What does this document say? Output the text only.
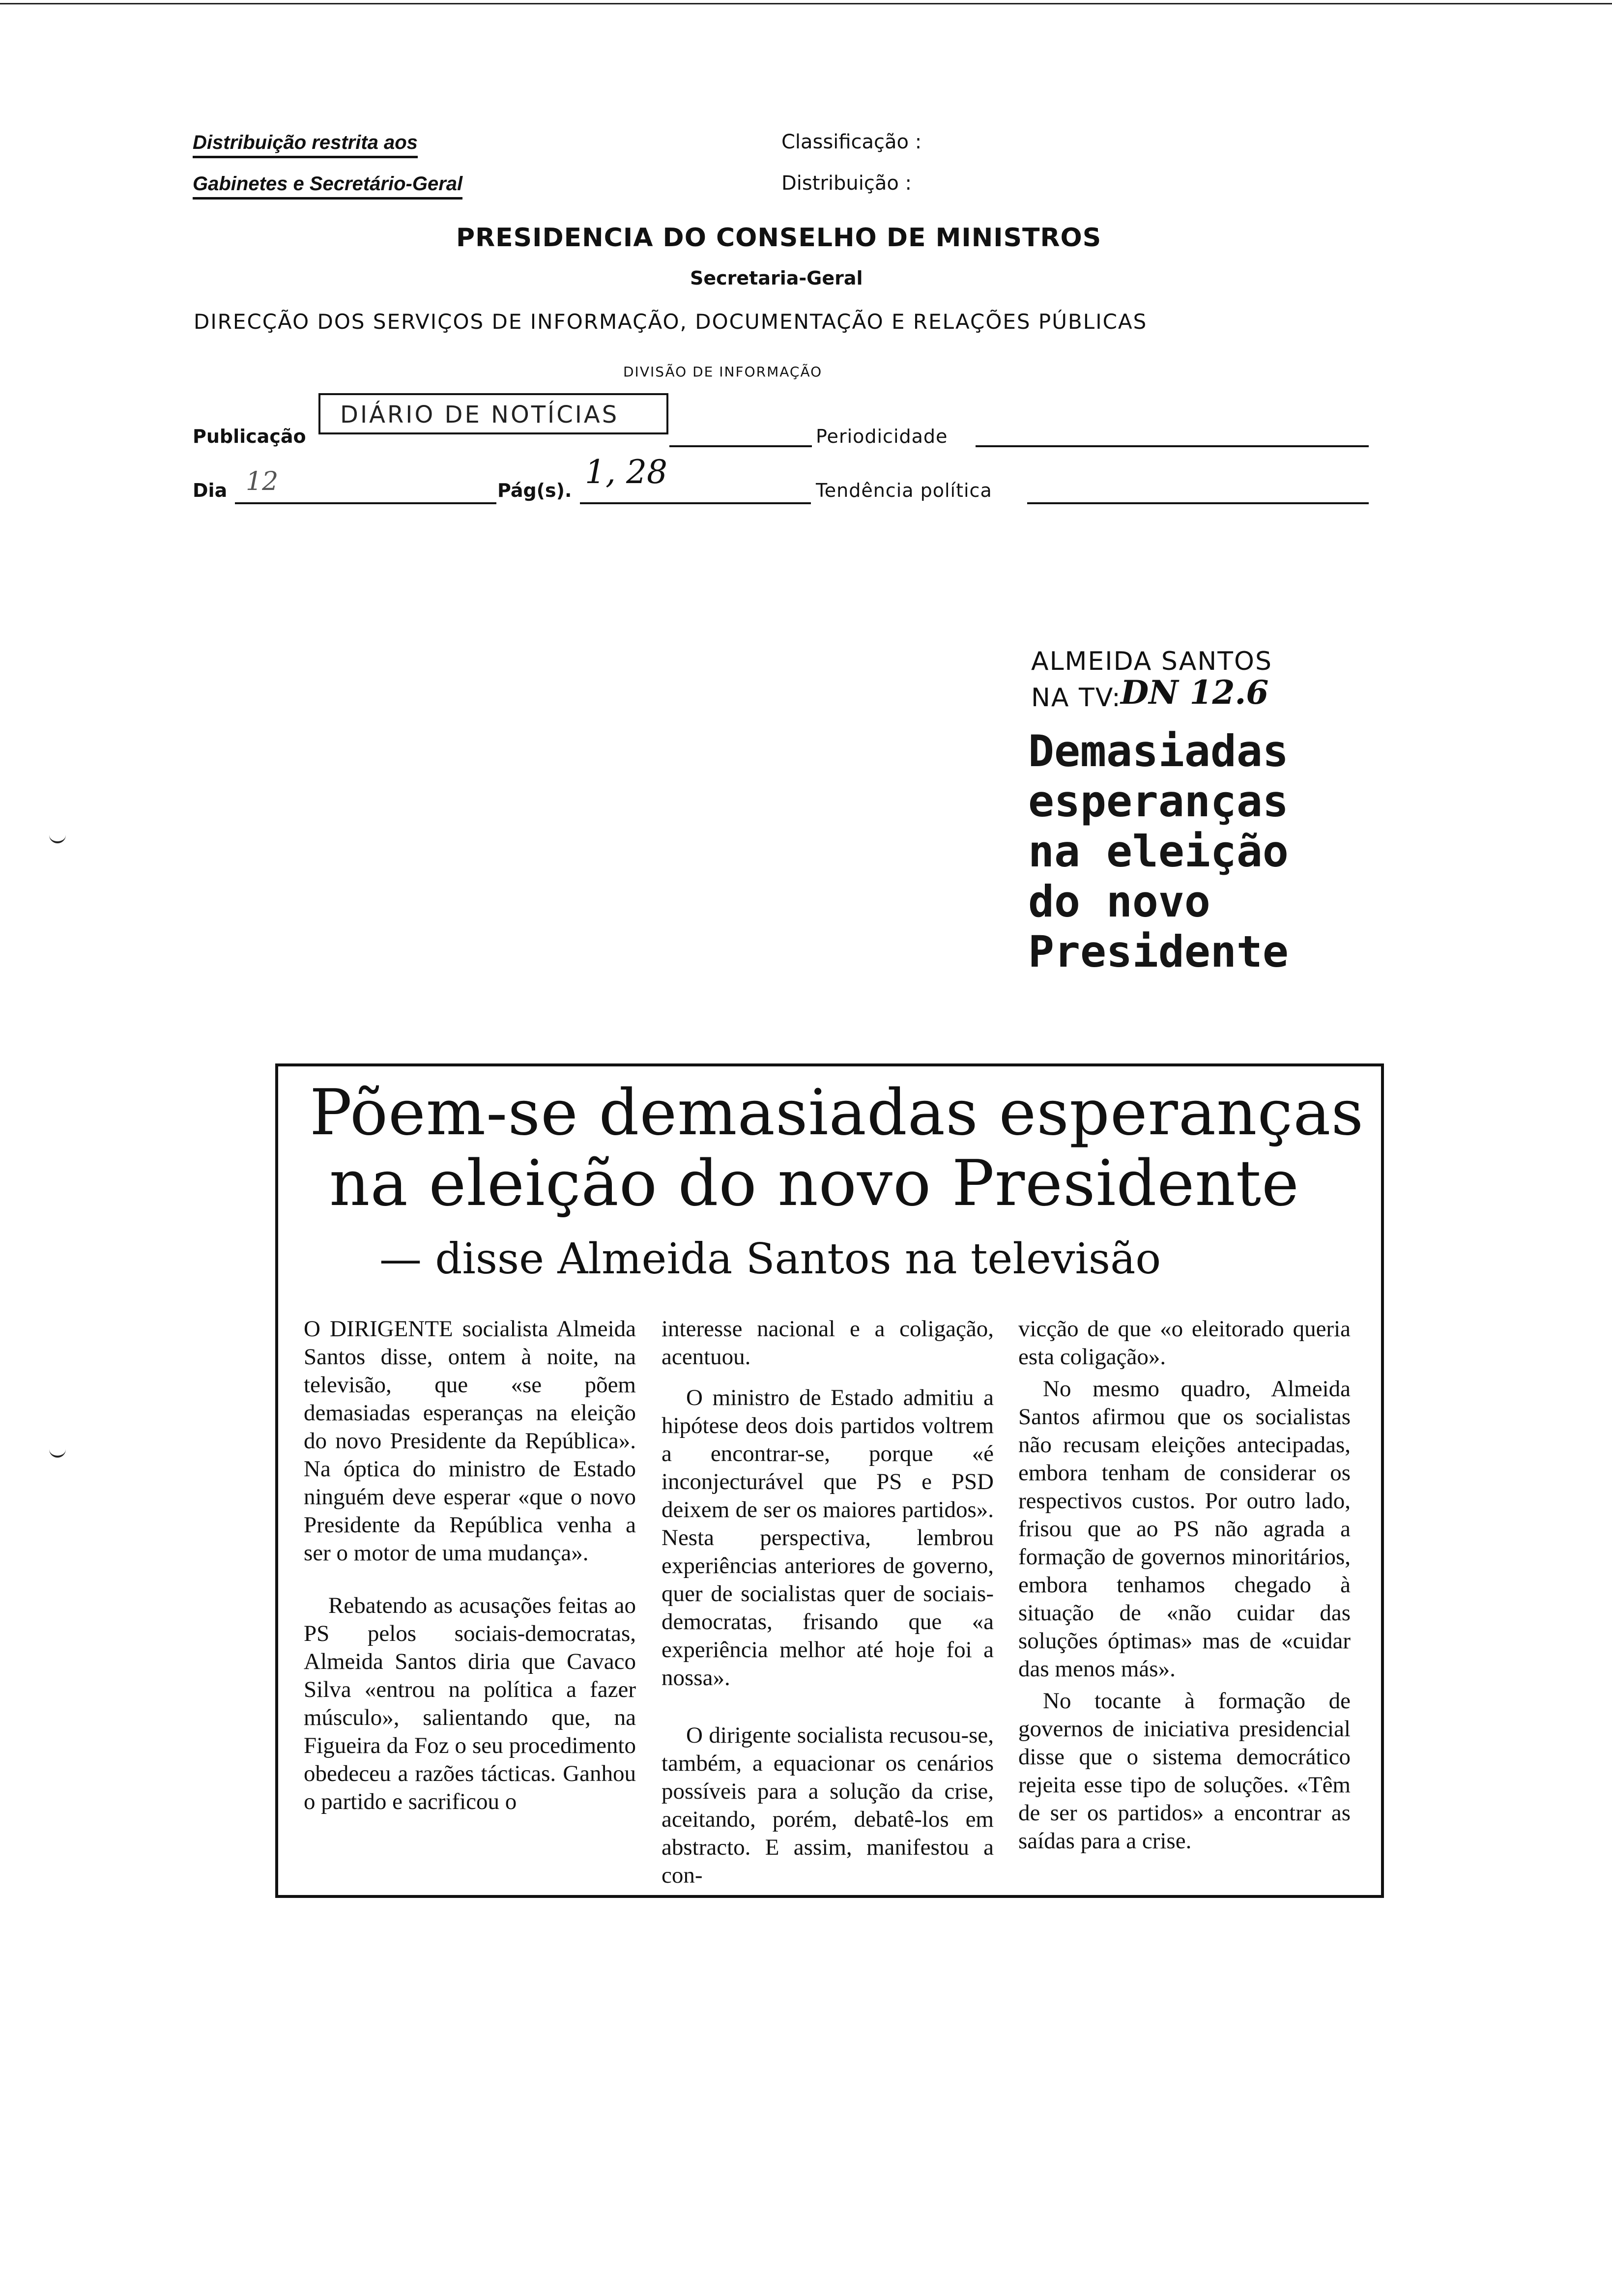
Distribuição restrita aos
Gabinetes e Secretário-Geral
Classificação :
Distribuição :
PRESIDENCIA DO CONSELHO DE MINISTROS
Secretaria-Geral
DIRECÇÃO DOS SERVIÇOS DE INFORMAÇÃO, DOCUMENTAÇÃO E RELAÇÕES PÚBLICAS
DIVISÃO DE INFORMAÇÃO
Publicação
DIÁRIO DE NOTÍCIAS
Periodicidade
Dia 12	Pág(s). 1, 28	Tendência política
ALMEIDA SANTOS
NA TV:
DN 12.6
Demasiadas
esperanças
na eleição
do novo
Presidente
Põem-se demasiadas esperanças
na eleição do novo Presidente
— disse Almeida Santos na televisão

O DIRIGENTE socialista Almeida Santos disse, ontem à noite, na televisão, que «se põem demasiadas esperanças na eleição do novo Presidente da República». Na óptica do ministro de Estado ninguém deve esperar «que o novo Presidente da República venha a ser o motor de uma mudança».

Rebatendo as acusações feitas ao PS pelos sociais-democratas, Almeida Santos diria que Cavaco Silva «entrou na política a fazer músculo», salientando que, na Figueira da Foz o seu procedimento obedeceu a razões tácticas. Ganhou o partido e sacrificou o

interesse nacional e a coligação, acentuou.

O ministro de Estado admitiu a hipótese deos dois partidos voltrem a encontrar-se, porque «é inconjecturável que PS e PSD deixem de ser os maiores partidos». Nesta perspectiva, lembrou experiências anteriores de governo, quer de socialistas quer de sociais-democratas, frisando que «a experiência melhor até hoje foi a nossa».

O dirigente socialista recusou-se, também, a equacionar os cenários possíveis para a solução da crise, aceitando, porém, debatê-los em abstracto. E assim, manifestou a con-

vicção de que «o eleitorado queria esta coligação».

No mesmo quadro, Almeida Santos afirmou que os socialistas não recusam eleições antecipadas, embora tenham de considerar os respectivos custos. Por outro lado, frisou que ao PS não agrada a formação de governos minoritários, embora tenhamos chegado à situação de «não cuidar das soluções óptimas» mas de «cuidar das menos más».

No tocante à formação de governos de iniciativa presidencial disse que o sistema democrático rejeita esse tipo de soluções. «Têm de ser os partidos» a encontrar as saídas para a crise.
